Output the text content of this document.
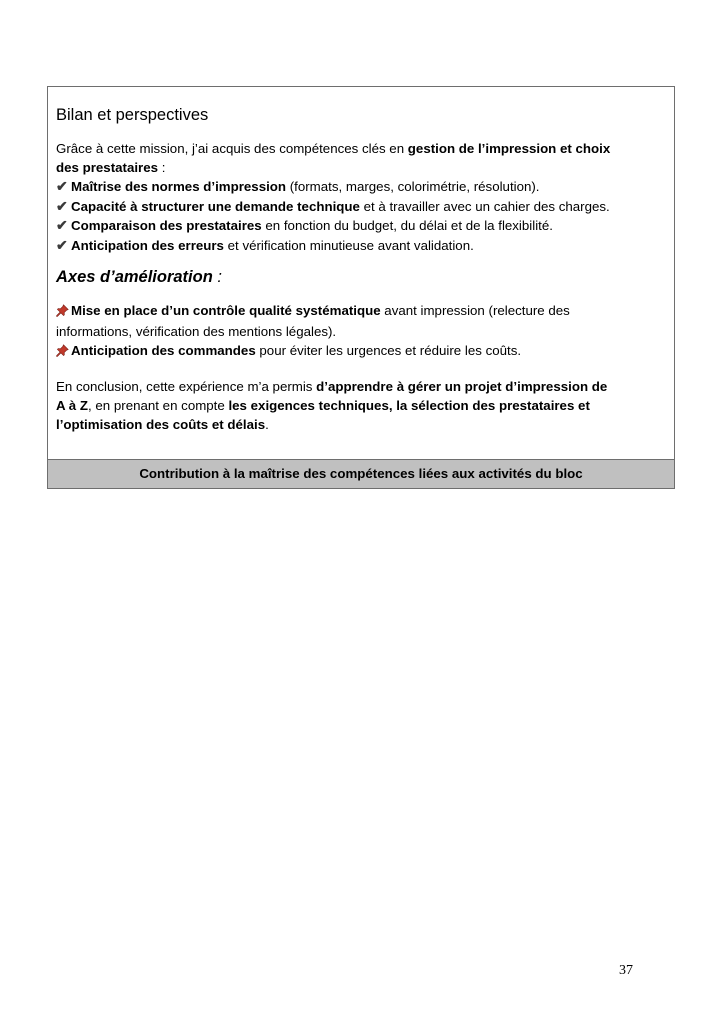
Bilan et perspectives
Grâce à cette mission, j’ai acquis des compétences clés en gestion de l’impression et choix
des prestataires :
✔ Maîtrise des normes d’impression (formats, marges, colorimétrie, résolution).
✔ Capacité à structurer une demande technique et à travailler avec un cahier des charges.
✔ Comparaison des prestataires en fonction du budget, du délai et de la flexibilité.
✔ Anticipation des erreurs et vérification minutieuse avant validation.
Axes d’amélioration :
Mise en place d’un contrôle qualité systématique avant impression (relecture des
informations, vérification des mentions légales).
Anticipation des commandes pour éviter les urgences et réduire les coûts.
En conclusion, cette expérience m’a permis d’apprendre à gérer un projet d’impression de
A à Z, en prenant en compte les exigences techniques, la sélection des prestataires et
l’optimisation des coûts et délais.
Contribution à la maîtrise des compétences liées aux activités du bloc
37
